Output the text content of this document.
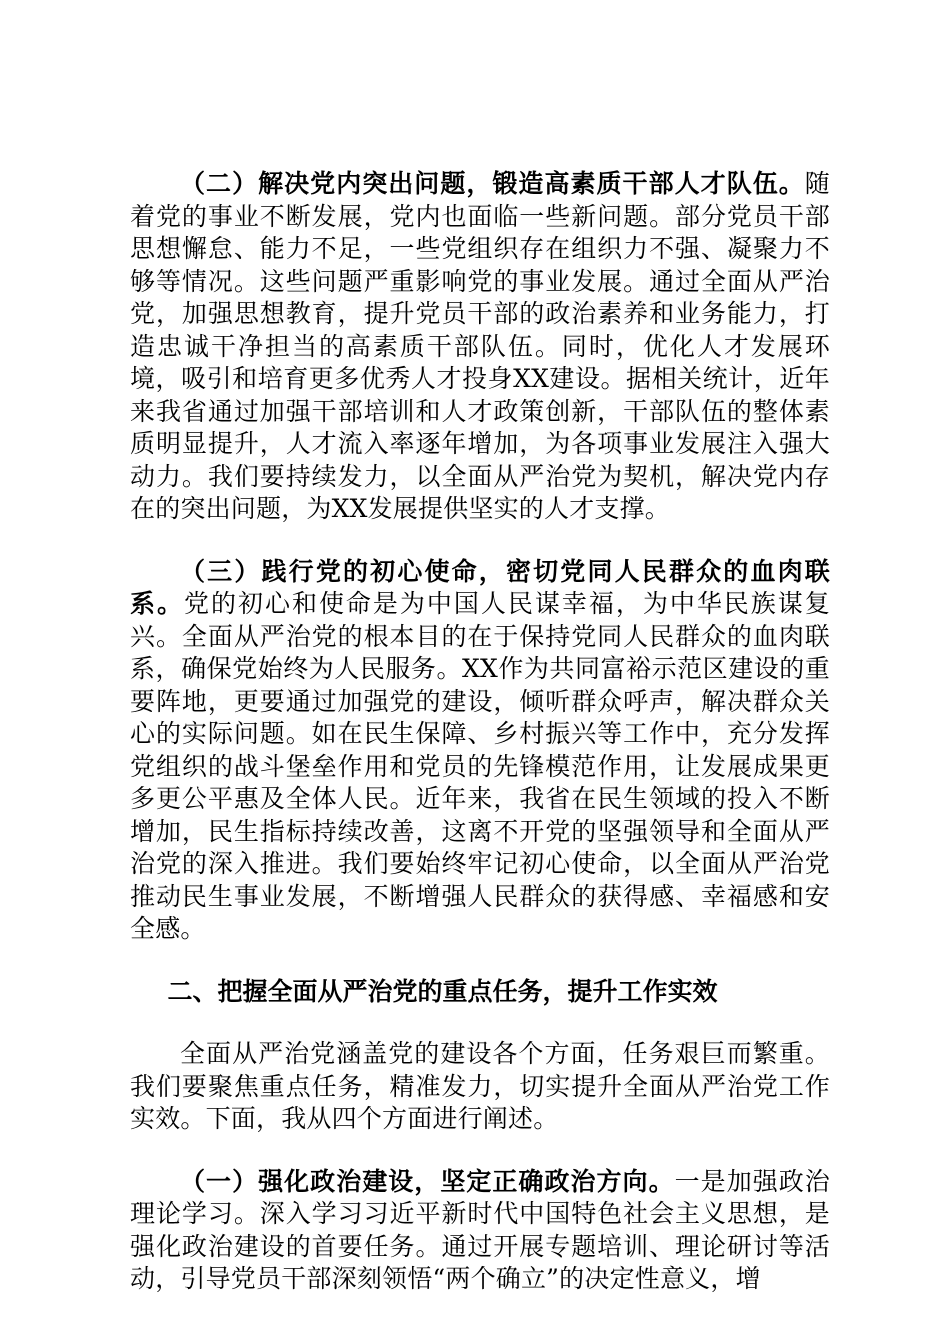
（二）解决党内突出问题，锻造高素质干部人才队伍。随着党的事业不断发展，党内也面临一些新问题。部分党员干部思想懈怠、能力不足，一些党组织存在组织力不强、凝聚力不够等情况。这些问题严重影响党的事业发展。通过全面从严治党，加强思想教育，提升党员干部的政治素养和业务能力，打造忠诚干净担当的高素质干部队伍。同时，优化人才发展环境，吸引和培育更多优秀人才投身XX建设。据相关统计，近年来我省通过加强干部培训和人才政策创新，干部队伍的整体素质明显提升，人才流入率逐年增加，为各项事业发展注入强大动力。我们要持续发力，以全面从严治党为契机，解决党内存在的突出问题，为XX发展提供坚实的人才支撑。

（三）践行党的初心使命，密切党同人民群众的血肉联系。党的初心和使命是为中国人民谋幸福，为中华民族谋复兴。全面从严治党的根本目的在于保持党同人民群众的血肉联系，确保党始终为人民服务。XX作为共同富裕示范区建设的重要阵地，更要通过加强党的建设，倾听群众呼声，解决群众关心的实际问题。如在民生保障、乡村振兴等工作中，充分发挥党组织的战斗堡垒作用和党员的先锋模范作用，让发展成果更多更公平惠及全体人民。近年来，我省在民生领域的投入不断增加，民生指标持续改善，这离不开党的坚强领导和全面从严治党的深入推进。我们要始终牢记初心使命，以全面从严治党推动民生事业发展，不断增强人民群众的获得感、幸福感和安全感。

二、把握全面从严治党的重点任务，提升工作实效

全面从严治党涵盖党的建设各个方面，任务艰巨而繁重。我们要聚焦重点任务，精准发力，切实提升全面从严治党工作实效。下面，我从四个方面进行阐述。

（一）强化政治建设，坚定正确政治方向。一是加强政治理论学习。深入学习习近平新时代中国特色社会主义思想，是强化政治建设的首要任务。通过开展专题培训、理论研讨等活动，引导党员干部深刻领悟“两个确立”的决定性意义，增
